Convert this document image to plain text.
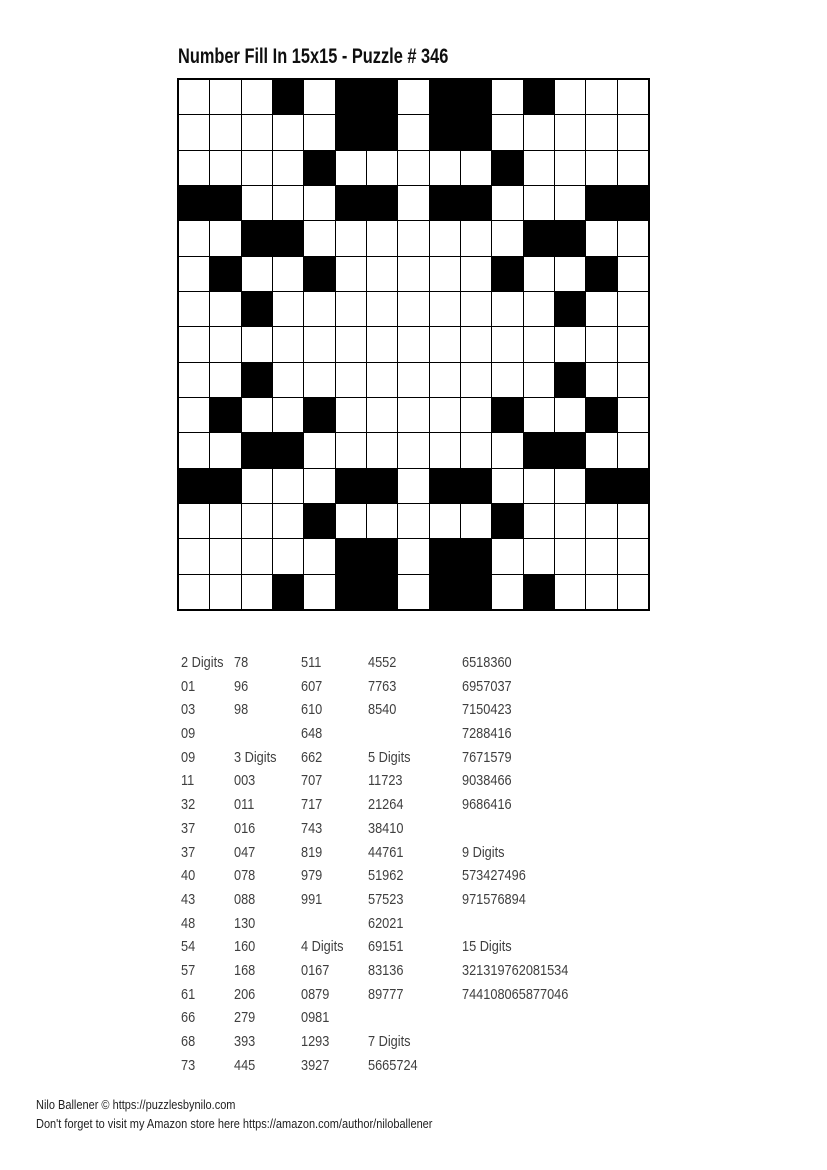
Number Fill In 15x15 - Puzzle # 346
2 Digits
01
03
09
09
11
32
37
37
40
43
48
54
57
61
66
68
73
78
96
98
3 Digits
003
011
016
047
078
088
130
160
168
206
279
393
445
511
607
610
648
662
707
717
743
819
979
991
4 Digits
0167
0879
0981
1293
3927
4552
7763
8540
5 Digits
11723
21264
38410
44761
51962
57523
62021
69151
83136
89777
7 Digits
5665724
6518360
6957037
7150423
7288416
7671579
9038466
9686416
9 Digits
573427496
971576894
15 Digits
321319762081534
744108065877046
Nilo Ballener © https://puzzlesbynilo.com
Don't forget to visit my Amazon store here https://amazon.com/author/niloballener
